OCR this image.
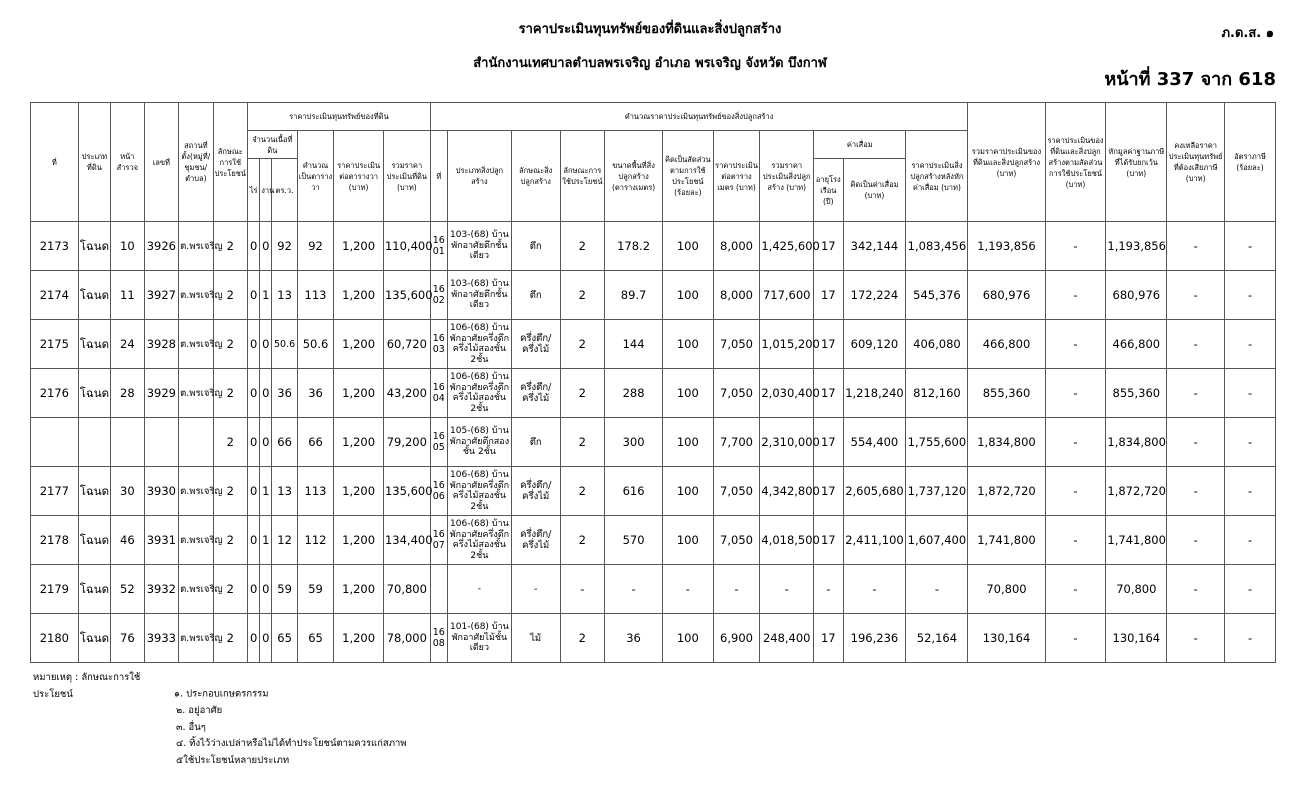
ราคาประเมินทุนทรัพย์ของที่ดินและสิ่งปลูกสร้าง	ภ.ด.ส. ๑
สำนักงานเทศบาลตำบลพรเจริญ อำเภอ พรเจริญ จังหวัด บึงกาฬ
หน้าที่ 337 จาก 618
ที่	ประเภทที่ดิน	หน้าสำรวจ	เลขที่	สถานที่ตั้ง(หมู่ที่/ชุมชน/ตำบล)	ลักษณะการใช้ประโยชน์	ราคาประเมินทุนทรัพย์ของที่ดิน						คำนวณราคาประเมินทุนทรัพย์ของสิ่งปลูกสร้าง											รวมราคาประเมินของที่ดินและสิ่งปลูกสร้าง (บาท)	ราคาประเมินของที่ดินและสิ่งปลูกสร้างตามสัดส่วนการใช้ประโยชน์ (บาท)	หักมูลค่าฐานภาษีที่ได้รับยกเว้น (บาท)	คงเหลือราคาประเมินทุนทรัพย์ที่ต้องเสียภาษี (บาท)	อัตราภาษี (ร้อยละ)
						จำนวนเนื้อที่ดิน			คำนวณเป็นตารางวา	ราคาประเมินต่อตารางวา (บาท)	รวมราคาประเมินที่ดิน (บาท)	ที่	ประเภทสิ่งปลูกสร้าง	ลักษณะสิ่งปลูกสร้าง	ลักษณะการใช้ประโยชน์	ขนาดพื้นที่สิ่งปลูกสร้าง (ตารางเมตร)	คิดเป็นสัดส่วนตามการใช้ประโยชน์ (ร้อยละ)	ราคาประเมินต่อตารางเมตร (บาท)	รวมราคาประเมินสิ่งปลูกสร้าง (บาท)	ค่าเสื่อม		ราคาประเมินสิ่งปลูกสร้างหลังหักค่าเสื่อม (บาท)					
						ไร่	งาน	ตร.ว.												อายุโรงเรือน (ปี)	คิดเป็นค่าเสื่อม (บาท)						
2173	โฉนด	10	3926	ต.พรเจริญ	2	0	0	92	92	1,200	110,400	16 01	103-(68) บ้านพักอาศัยตึกชั้นเดียว	ตึก	2	178.2	100	8,000	1,425,600	17	342,144	1,083,456	1,193,856	-	1,193,856	-	-
2174	โฉนด	11	3927	ต.พรเจริญ	2	0	1	13	113	1,200	135,600	16 02	103-(68) บ้านพักอาศัยตึกชั้นเดียว	ตึก	2	89.7	100	8,000	717,600	17	172,224	545,376	680,976	-	680,976	-	-
2175	โฉนด	24	3928	ต.พรเจริญ	2	0	0	50.6	50.6	1,200	60,720	16 03	106-(68) บ้านพักอาศัยครึ่งตึกครึ่งไม้สองชั้น 2ชั้น	ครึ่งตึก/ครึ่งไม้	2	144	100	7,050	1,015,200	17	609,120	406,080	466,800	-	466,800	-	-
2176	โฉนด	28	3929	ต.พรเจริญ	2	0	0	36	36	1,200	43,200	16 04	106-(68) บ้านพักอาศัยครึ่งตึกครึ่งไม้สองชั้น 2ชั้น	ครึ่งตึก/ครึ่งไม้	2	288	100	7,050	2,030,400	17	1,218,240	812,160	855,360	-	855,360	-	-
					2	0	0	66	66	1,200	79,200	16 05	105-(68) บ้านพักอาศัยตึกสองชั้น 2ชั้น	ตึก	2	300	100	7,700	2,310,000	17	554,400	1,755,600	1,834,800	-	1,834,800	-	-
2177	โฉนด	30	3930	ต.พรเจริญ	2	0	1	13	113	1,200	135,600	16 06	106-(68) บ้านพักอาศัยครึ่งตึกครึ่งไม้สองชั้น 2ชั้น	ครึ่งตึก/ครึ่งไม้	2	616	100	7,050	4,342,800	17	2,605,680	1,737,120	1,872,720	-	1,872,720	-	-
2178	โฉนด	46	3931	ต.พรเจริญ	2	0	1	12	112	1,200	134,400	16 07	106-(68) บ้านพักอาศัยครึ่งตึกครึ่งไม้สองชั้น 2ชั้น	ครึ่งตึก/ครึ่งไม้	2	570	100	7,050	4,018,500	17	2,411,100	1,607,400	1,741,800	-	1,741,800	-	-
2179	โฉนด	52	3932	ต.พรเจริญ	2	0	0	59	59	1,200	70,800		-	-	-	-	-	-	-	-	-	-	70,800	-	70,800	-	-
2180	โฉนด	76	3933	ต.พรเจริญ	2	0	0	65	65	1,200	78,000	16 08	101-(68) บ้านพักอาศัยไม้ชั้นเดียว	ไม้	2	36	100	6,900	248,400	17	196,236	52,164	130,164	-	130,164	-	-
หมายเหตุ : ลักษณะการใช้ประโยชน์	๑. ประกอบเกษตรกรรม
๒. อยู่อาศัย
๓. อื่นๆ
๔. ทิ้งไว้ว่างเปล่าหรือไม่ได้ทำประโยชน์ตามควรแก่สภาพ
๕ใช้ประโยชน์หลายประเภท
